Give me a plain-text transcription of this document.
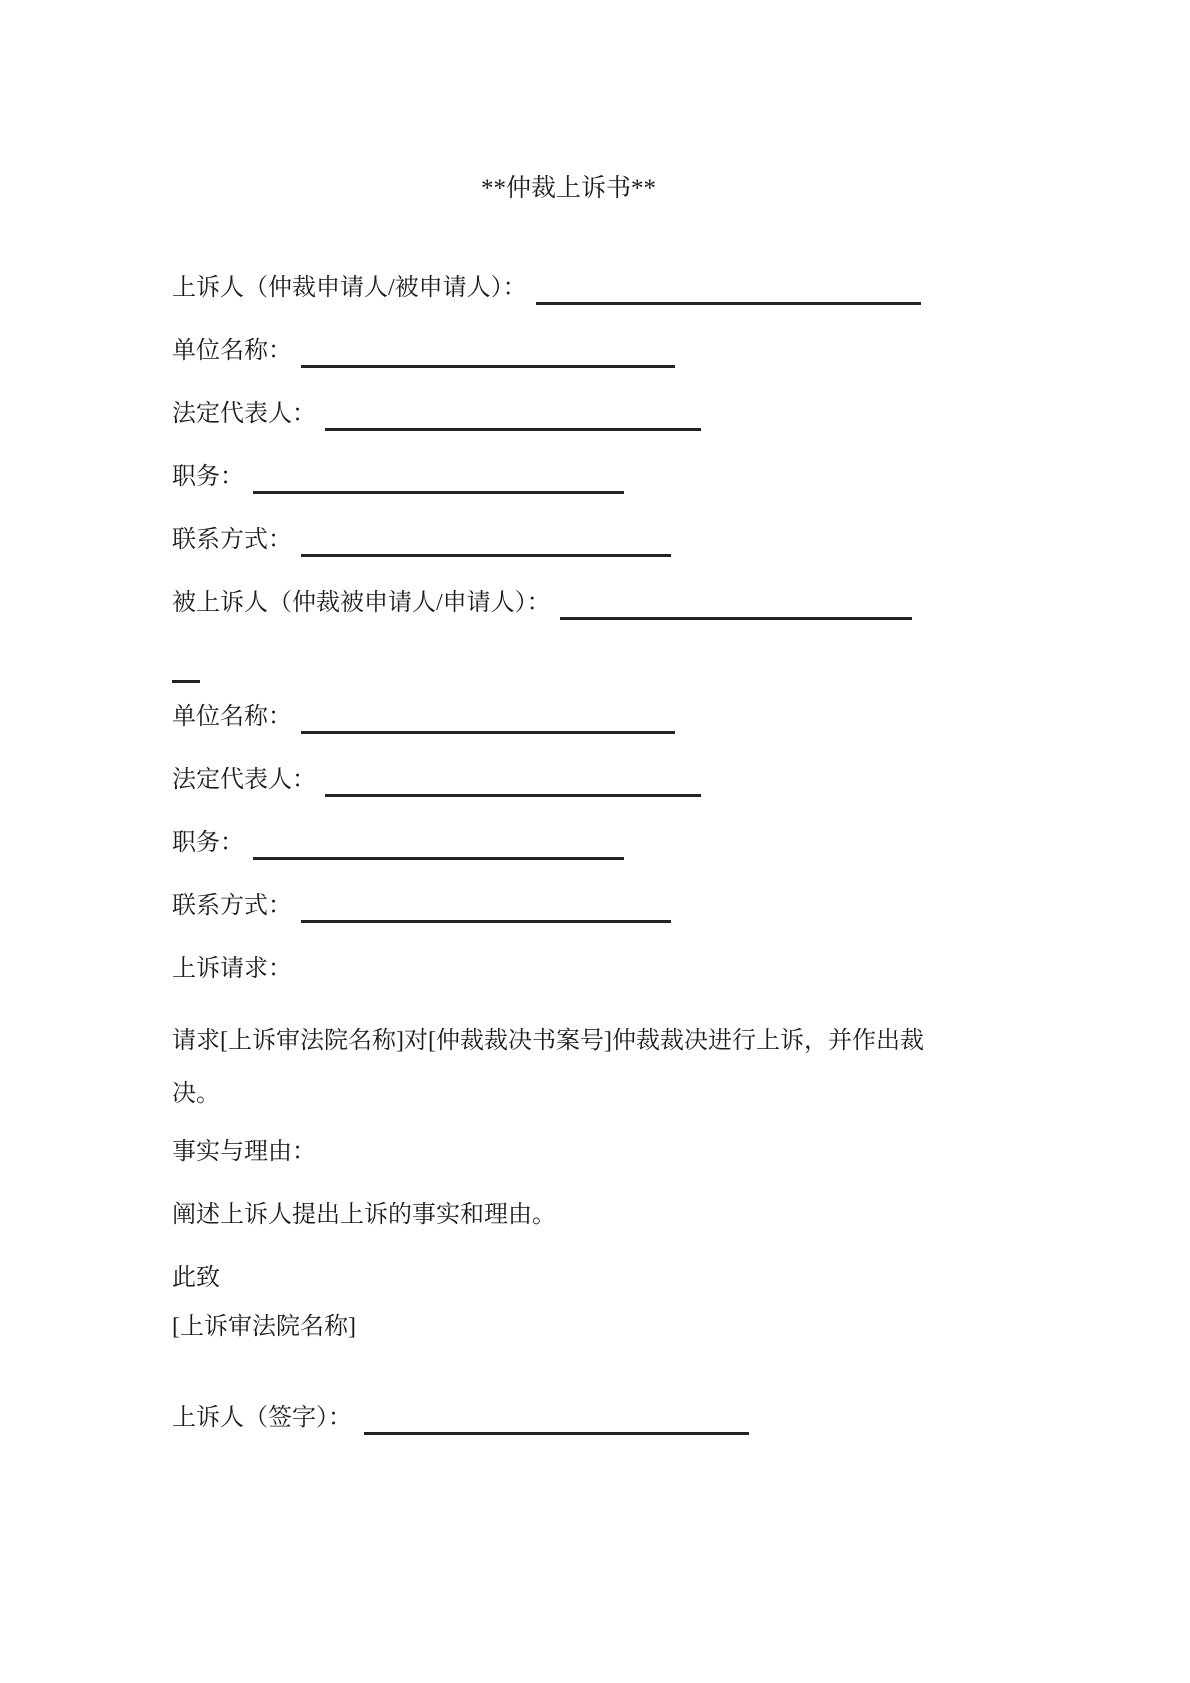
**仲裁上诉书**

上诉人（仲裁申请人/被申请人）：

单位名称：

法定代表人：

职务：

联系方式：

被上诉人（仲裁被申请人/申请人）：

单位名称：

法定代表人：

职务：

联系方式：

上诉请求：

请求[上诉审法院名称]对[仲裁裁决书案号]仲裁裁决进行上诉，并作出裁决。

事实与理由：

阐述上诉人提出上诉的事实和理由。

此致

[上诉审法院名称]

上诉人（签字）：
